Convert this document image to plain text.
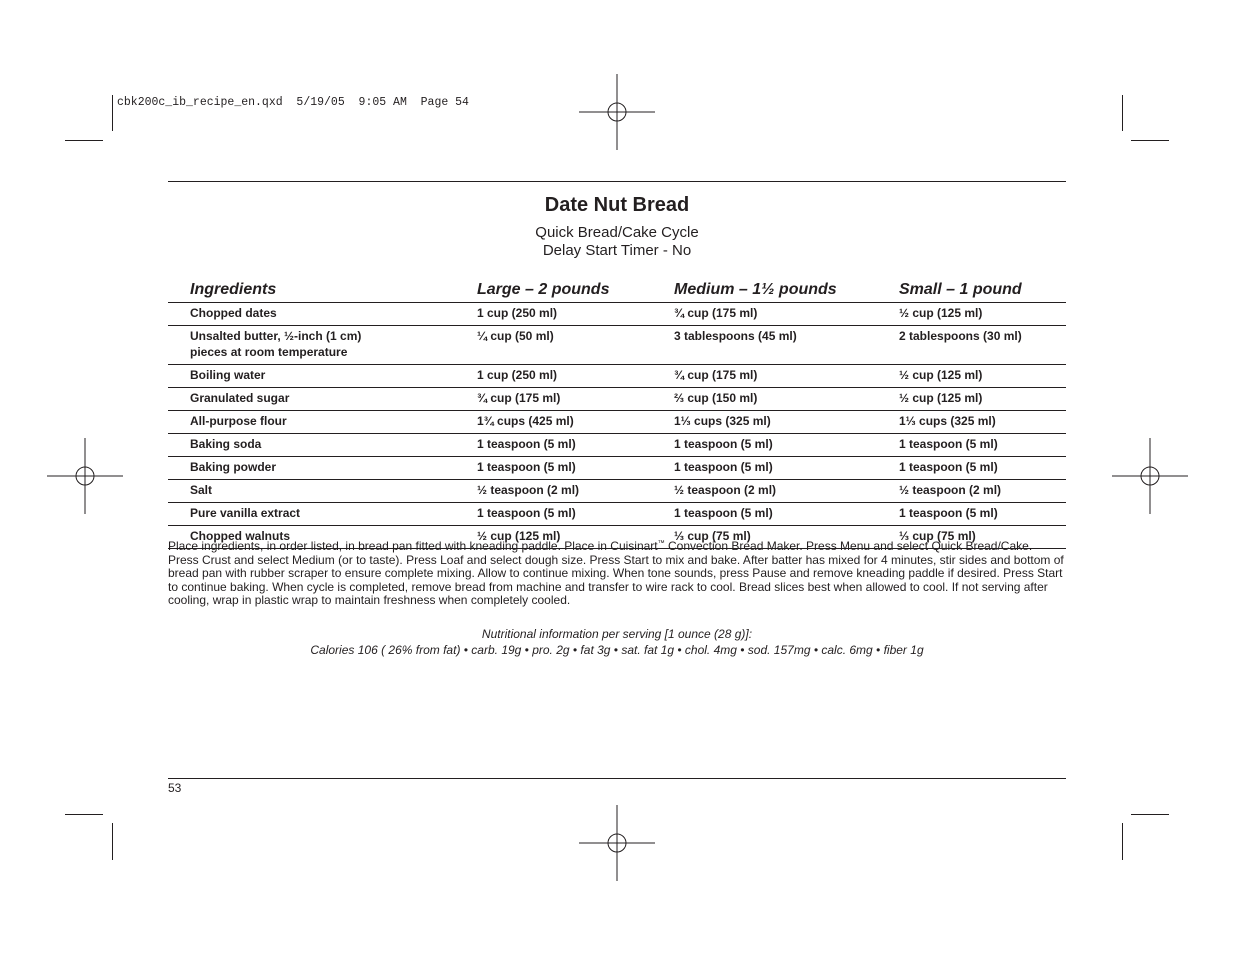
cbk200c_ib_recipe_en.qxd  5/19/05  9:05 AM  Page 54
Date Nut Bread
Quick Bread/Cake Cycle
Delay Start Timer - No
Ingredients	Large – 2 pounds	Medium – 1½ pounds	Small – 1 pound
Chopped dates	1 cup (250 ml)	¾ cup (175 ml)	½ cup (125 ml)
Unsalted butter, ½-inch (1 cm)
pieces at room temperature	¼ cup (50 ml)	3 tablespoons (45 ml)	2 tablespoons (30 ml)
Boiling water	1 cup (250 ml)	¾ cup (175 ml)	½ cup (125 ml)
Granulated sugar	¾ cup (175 ml)	⅔ cup (150 ml)	½ cup (125 ml)
All-purpose flour	1¾ cups (425 ml)	1⅓ cups (325 ml)	1⅓ cups (325 ml)
Baking soda	1 teaspoon (5 ml)	1 teaspoon (5 ml)	1 teaspoon (5 ml)
Baking powder	1 teaspoon (5 ml)	1 teaspoon (5 ml)	1 teaspoon (5 ml)
Salt	½ teaspoon (2 ml)	½ teaspoon (2 ml)	½ teaspoon (2 ml)
Pure vanilla extract	1 teaspoon (5 ml)	1 teaspoon (5 ml)	1 teaspoon (5 ml)
Chopped walnuts	½ cup (125 ml)	⅓ cup (75 ml)	⅓ cup (75 ml)
Place ingredients, in order listed, in bread pan fitted with kneading paddle. Place in Cuisinart™ Convection Bread Maker. Press Menu and select Quick Bread/Cake. Press Crust and select Medium (or to taste). Press Loaf and select dough size. Press Start to mix and bake. After batter has mixed for 4 minutes, stir sides and bottom of bread pan with rubber scraper to ensure complete mixing. Allow to continue mixing. When tone sounds, press Pause and remove kneading paddle if desired. Press Start to continue baking. When cycle is completed, remove bread from machine and transfer to wire rack to cool. Bread slices best when allowed to cool. If not serving after cooling, wrap in plastic wrap to maintain freshness when completely cooled.
Nutritional information per serving [1 ounce (28 g)]:
Calories 106 ( 26% from fat) • carb. 19g • pro. 2g • fat 3g • sat. fat 1g • chol. 4mg • sod. 157mg • calc. 6mg • fiber 1g
53
